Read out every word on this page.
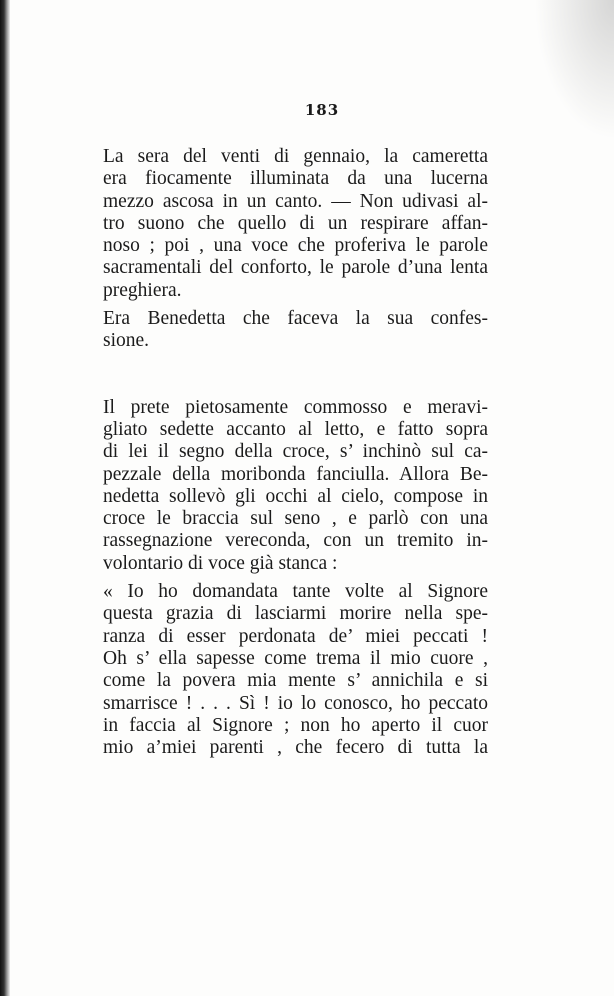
183
La sera del venti di gennaio, la cameretta
era fiocamente illuminata da una lucerna
mezzo ascosa in un canto. — Non udivasi al-
tro suono che quello di un respirare affan-
noso ; poi , una voce che proferiva le parole
sacramentali del conforto, le parole d’una lenta
preghiera.
Era Benedetta che faceva la sua confes-
sione.
Il prete pietosamente commosso e meravi-
gliato sedette accanto al letto, e fatto sopra
di lei il segno della croce, s’ inchinò sul ca-
pezzale della moribonda fanciulla. Allora Be-
nedetta sollevò gli occhi al cielo, compose in
croce le braccia sul seno , e parlò con una
rassegnazione vereconda, con un tremito in-
volontario di voce già stanca :
« Io ho domandata tante volte al Signore
questa grazia di lasciarmi morire nella spe-
ranza di esser perdonata de’ miei peccati !
Oh s’ ella sapesse come trema il mio cuore ,
come la povera mia mente s’ annichila e si
smarrisce ! . . . Sì ! io lo conosco, ho peccato
in faccia al Signore ; non ho aperto il cuor
mio a’miei parenti , che fecero di tutta la
